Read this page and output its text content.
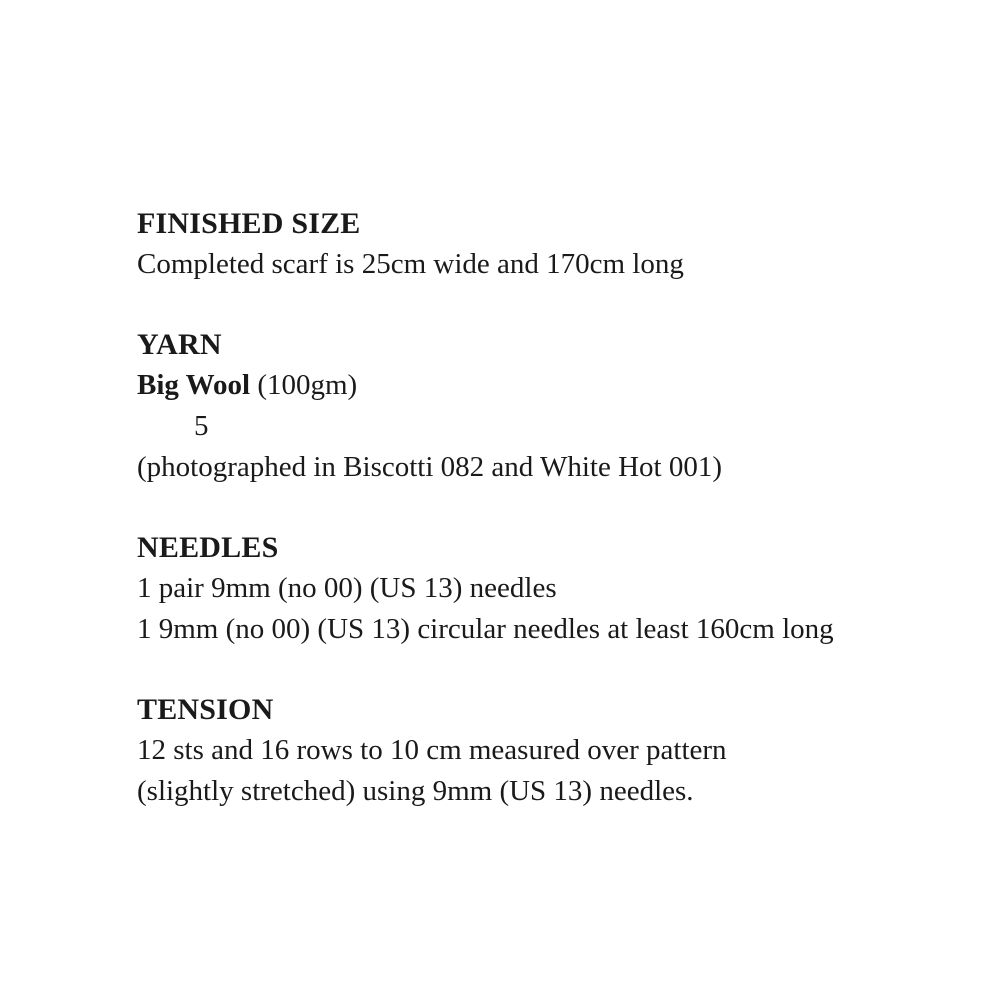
FINISHED SIZE
Completed scarf is 25cm wide and 170cm long
YARN
Big Wool (100gm)
5
(photographed in Biscotti 082 and White Hot 001)
NEEDLES
1 pair 9mm (no 00) (US 13) needles
1 9mm (no 00) (US 13) circular needles at least 160cm long
TENSION
12 sts and 16 rows to 10 cm measured over pattern
(slightly stretched) using 9mm (US 13) needles.
